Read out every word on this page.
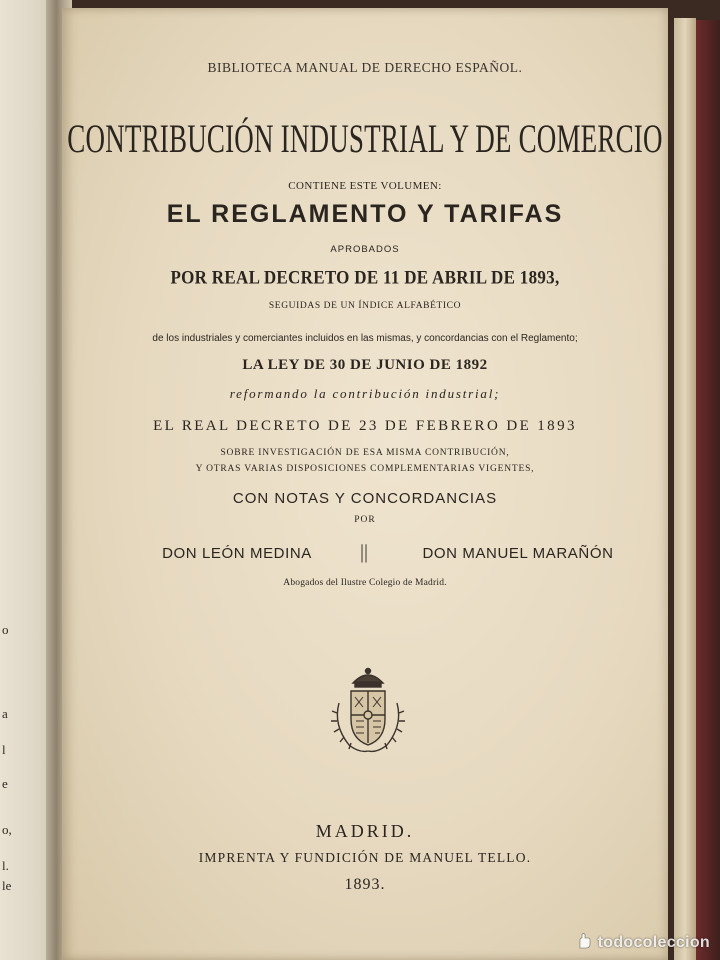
o
a
l
e
o,
l.
le
BIBLIOTECA MANUAL DE DERECHO ESPAÑOL.
CONTRIBUCIÓN INDUSTRIAL Y DE COMERCIO
CONTIENE ESTE VOLUMEN:
EL REGLAMENTO Y TARIFAS
APROBADOS
POR REAL DECRETO DE 11 DE ABRIL DE 1893,
SEGUIDAS DE UN ÍNDICE ALFABÉTICO
de los industriales y comerciantes incluidos en las mismas, y concordancias con el Reglamento;
LA LEY DE 30 DE JUNIO DE 1892
reformando la contribución industrial;
EL REAL DECRETO DE 23 DE FEBRERO DE 1893
SOBRE INVESTIGACIÓN DE ESA MISMA CONTRIBUCIÓN,
Y OTRAS VARIAS DISPOSICIONES COMPLEMENTARIAS VIGENTES,
CON NOTAS Y CONCORDANCIAS
POR
DON LEÓN MEDINA	||	DON MANUEL MARAÑÓN
Abogados del Ilustre Colegio de Madrid.
MADRID.
IMPRENTA Y FUNDICIÓN DE MANUEL TELLO.
1893.
todocoleccion
